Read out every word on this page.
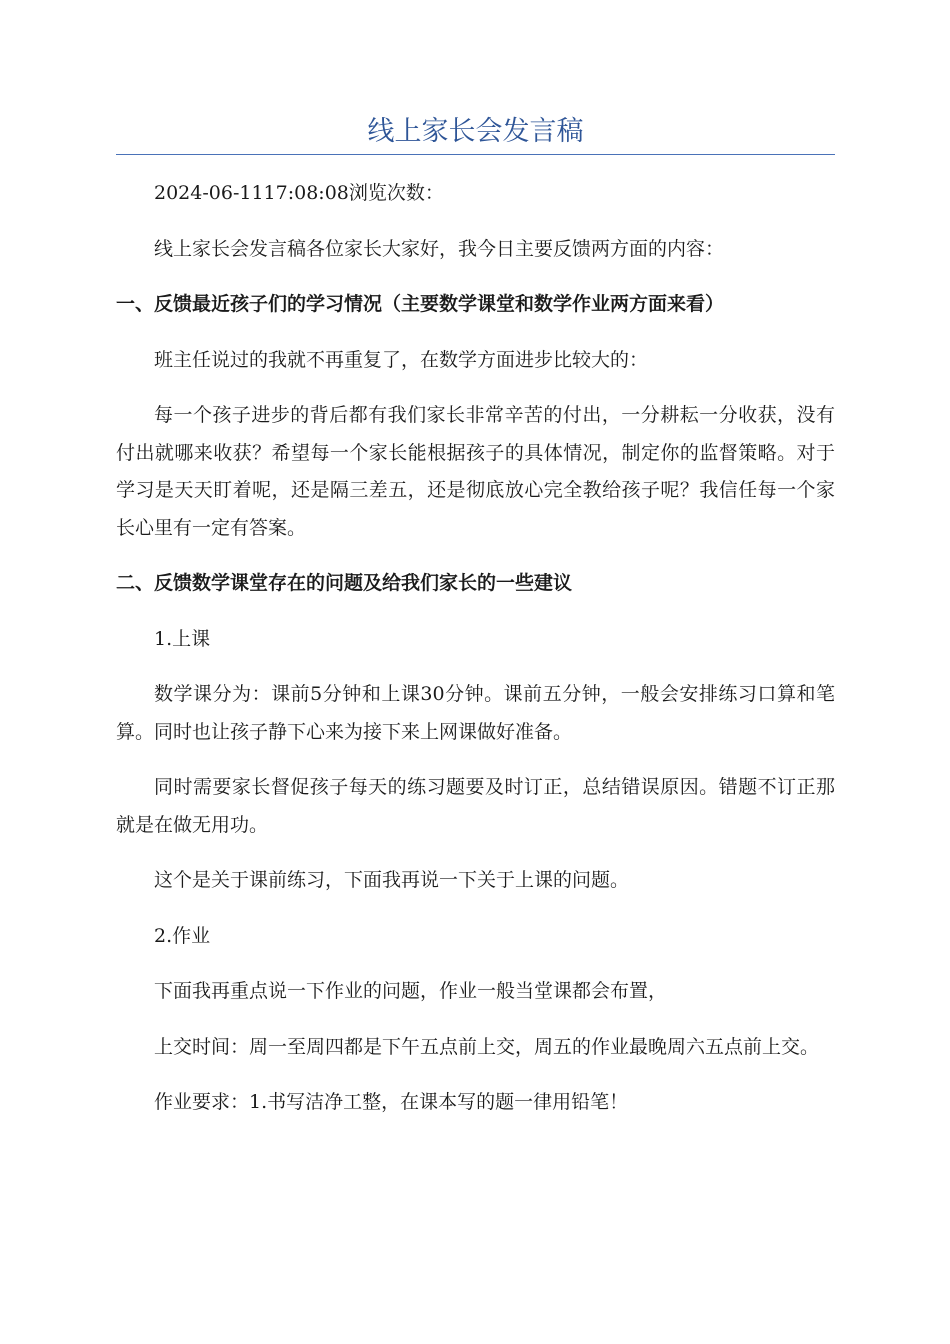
线上家长会发言稿

2024-06-1117:08:08浏览次数：

线上家长会发言稿各位家长大家好，我今日主要反馈两方面的内容：

一、反馈最近孩子们的学习情况（主要数学课堂和数学作业两方面来看）

班主任说过的我就不再重复了，在数学方面进步比较大的：

每一个孩子进步的背后都有我们家长非常辛苦的付出，一分耕耘一分收获，没有付出就哪来收获？希望每一个家长能根据孩子的具体情况，制定你的监督策略。对于学习是天天盯着呢，还是隔三差五，还是彻底放心完全教给孩子呢？我信任每一个家长心里有一定有答案。

二、反馈数学课堂存在的问题及给我们家长的一些建议

1.上课

数学课分为：课前5分钟和上课30分钟。课前五分钟，一般会安排练习口算和笔算。同时也让孩子静下心来为接下来上网课做好准备。

同时需要家长督促孩子每天的练习题要及时订正，总结错误原因。错题不订正那就是在做无用功。

这个是关于课前练习，下面我再说一下关于上课的问题。

2.作业

下面我再重点说一下作业的问题，作业一般当堂课都会布置，

上交时间：周一至周四都是下午五点前上交，周五的作业最晚周六五点前上交。

作业要求：1.书写洁净工整，在课本写的题一律用铅笔！
